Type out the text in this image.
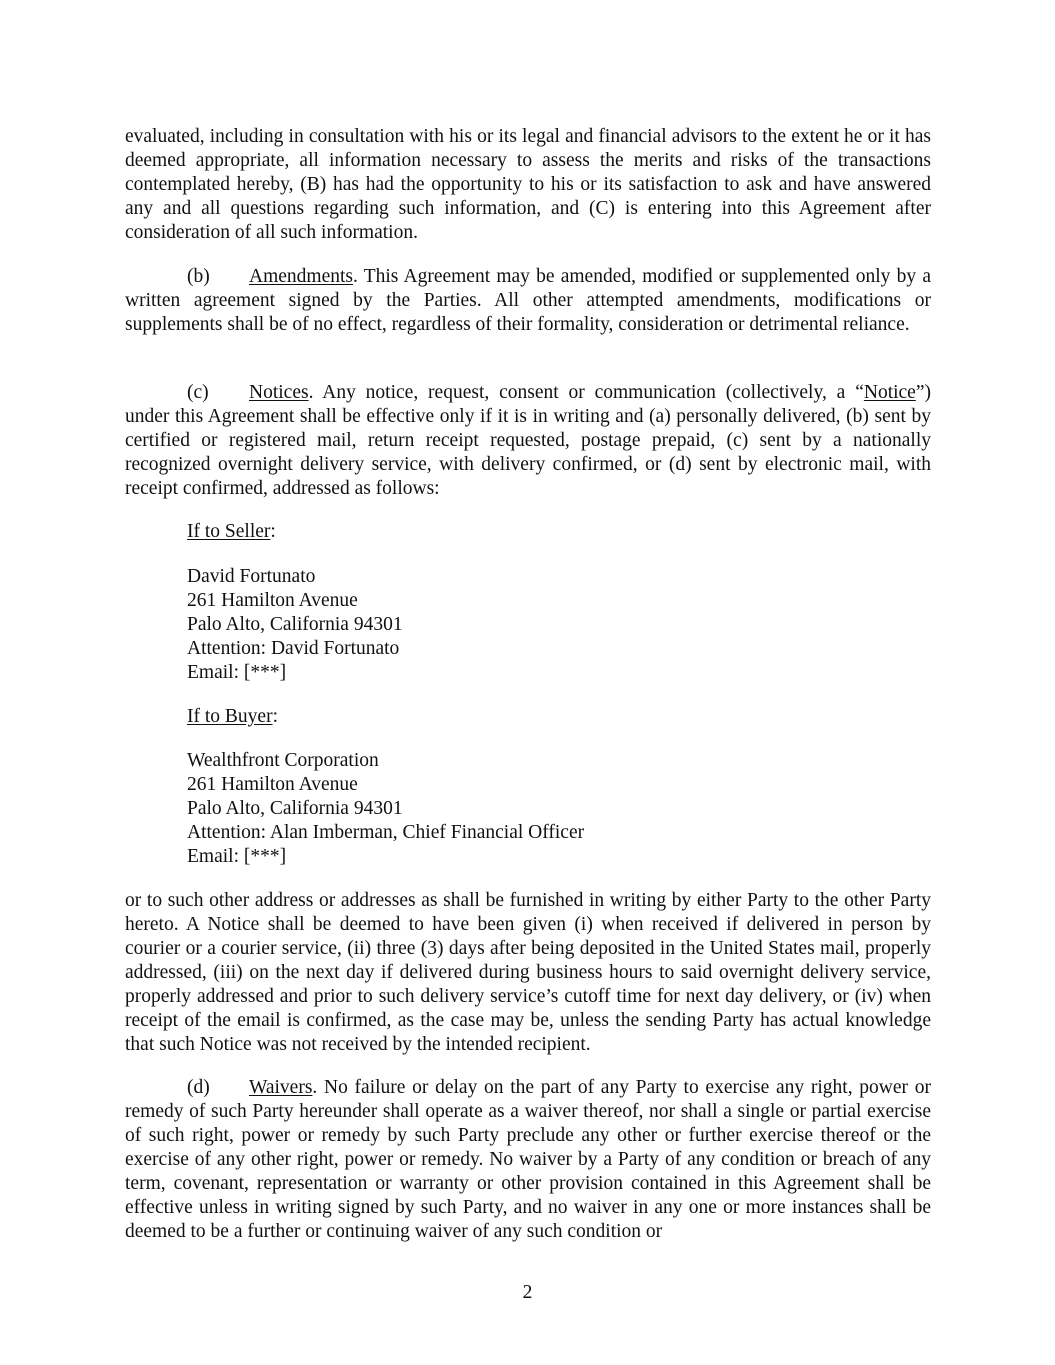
evaluated, including in consultation with his or its legal and financial advisors to the extent he or it has deemed appropriate, all information necessary to assess the merits and risks of the transactions contemplated hereby, (B) has had the opportunity to his or its satisfaction to ask and have answered any and all questions regarding such information, and (C) is entering into this Agreement after consideration of all such information.

(b) Amendments. This Agreement may be amended, modified or supplemented only by a written agreement signed by the Parties. All other attempted amendments, modifications or supplements shall be of no effect, regardless of their formality, consideration or detrimental reliance.

(c) Notices. Any notice, request, consent or communication (collectively, a “Notice”) under this Agreement shall be effective only if it is in writing and (a) personally delivered, (b) sent by certified or registered mail, return receipt requested, postage prepaid, (c) sent by a nationally recognized overnight delivery service, with delivery confirmed, or (d) sent by electronic mail, with receipt confirmed, addressed as follows:

If to Seller:
David Fortunato
261 Hamilton Avenue
Palo Alto, California 94301
Attention: David Fortunato
Email: [***]
If to Buyer:
Wealthfront Corporation
261 Hamilton Avenue
Palo Alto, California 94301
Attention: Alan Imberman, Chief Financial Officer
Email: [***]

or to such other address or addresses as shall be furnished in writing by either Party to the other Party hereto. A Notice shall be deemed to have been given (i) when received if delivered in person by courier or a courier service, (ii) three (3) days after being deposited in the United States mail, properly addressed, (iii) on the next day if delivered during business hours to said overnight delivery service, properly addressed and prior to such delivery service’s cutoff time for next day delivery, or (iv) when receipt of the email is confirmed, as the case may be, unless the sending Party has actual knowledge that such Notice was not received by the intended recipient.

(d) Waivers. No failure or delay on the part of any Party to exercise any right, power or remedy of such Party hereunder shall operate as a waiver thereof, nor shall a single or partial exercise of such right, power or remedy by such Party preclude any other or further exercise thereof or the exercise of any other right, power or remedy. No waiver by a Party of any condition or breach of any term, covenant, representation or warranty or other provision contained in this Agreement shall be effective unless in writing signed by such Party, and no waiver in any one or more instances shall be deemed to be a further or continuing waiver of any such condition or

2
